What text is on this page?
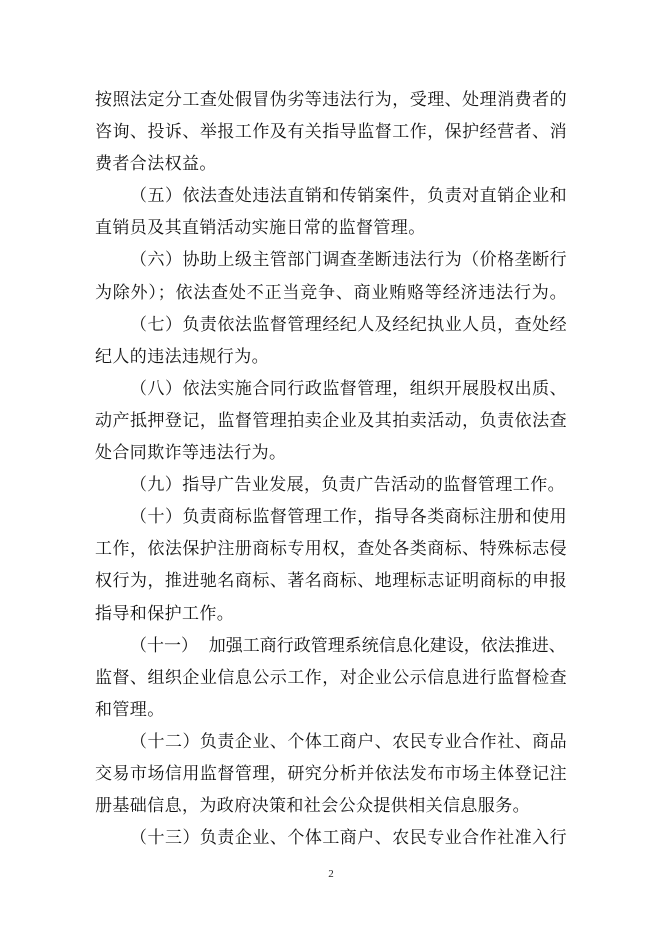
按照法定分工查处假冒伪劣等违法行为，受理、处理消费者的
咨询、投诉、举报工作及有关指导监督工作，保护经营者、消
费者合法权益。
（五）依法查处违法直销和传销案件，负责对直销企业和
直销员及其直销活动实施日常的监督管理。
（六）协助上级主管部门调查垄断违法行为（价格垄断行
为除外）；依法查处不正当竞争、商业贿赂等经济违法行为。
（七）负责依法监督管理经纪人及经纪执业人员，查处经
纪人的违法违规行为。
（八）依法实施合同行政监督管理，组织开展股权出质、
动产抵押登记，监督管理拍卖企业及其拍卖活动，负责依法查
处合同欺诈等违法行为。
（九）指导广告业发展，负责广告活动的监督管理工作。
（十）负责商标监督管理工作，指导各类商标注册和使用
工作，依法保护注册商标专用权，查处各类商标、特殊标志侵
权行为，推进驰名商标、著名商标、地理标志证明商标的申报
指导和保护工作。
（十一）  加强工商行政管理系统信息化建设，依法推进、
监督、组织企业信息公示工作，对企业公示信息进行监督检查
和管理。
（十二）负责企业、个体工商户、农民专业合作社、商品
交易市场信用监督管理，研究分析并依法发布市场主体登记注
册基础信息，为政府决策和社会公众提供相关信息服务。
（十三）负责企业、个体工商户、农民专业合作社准入行
2
